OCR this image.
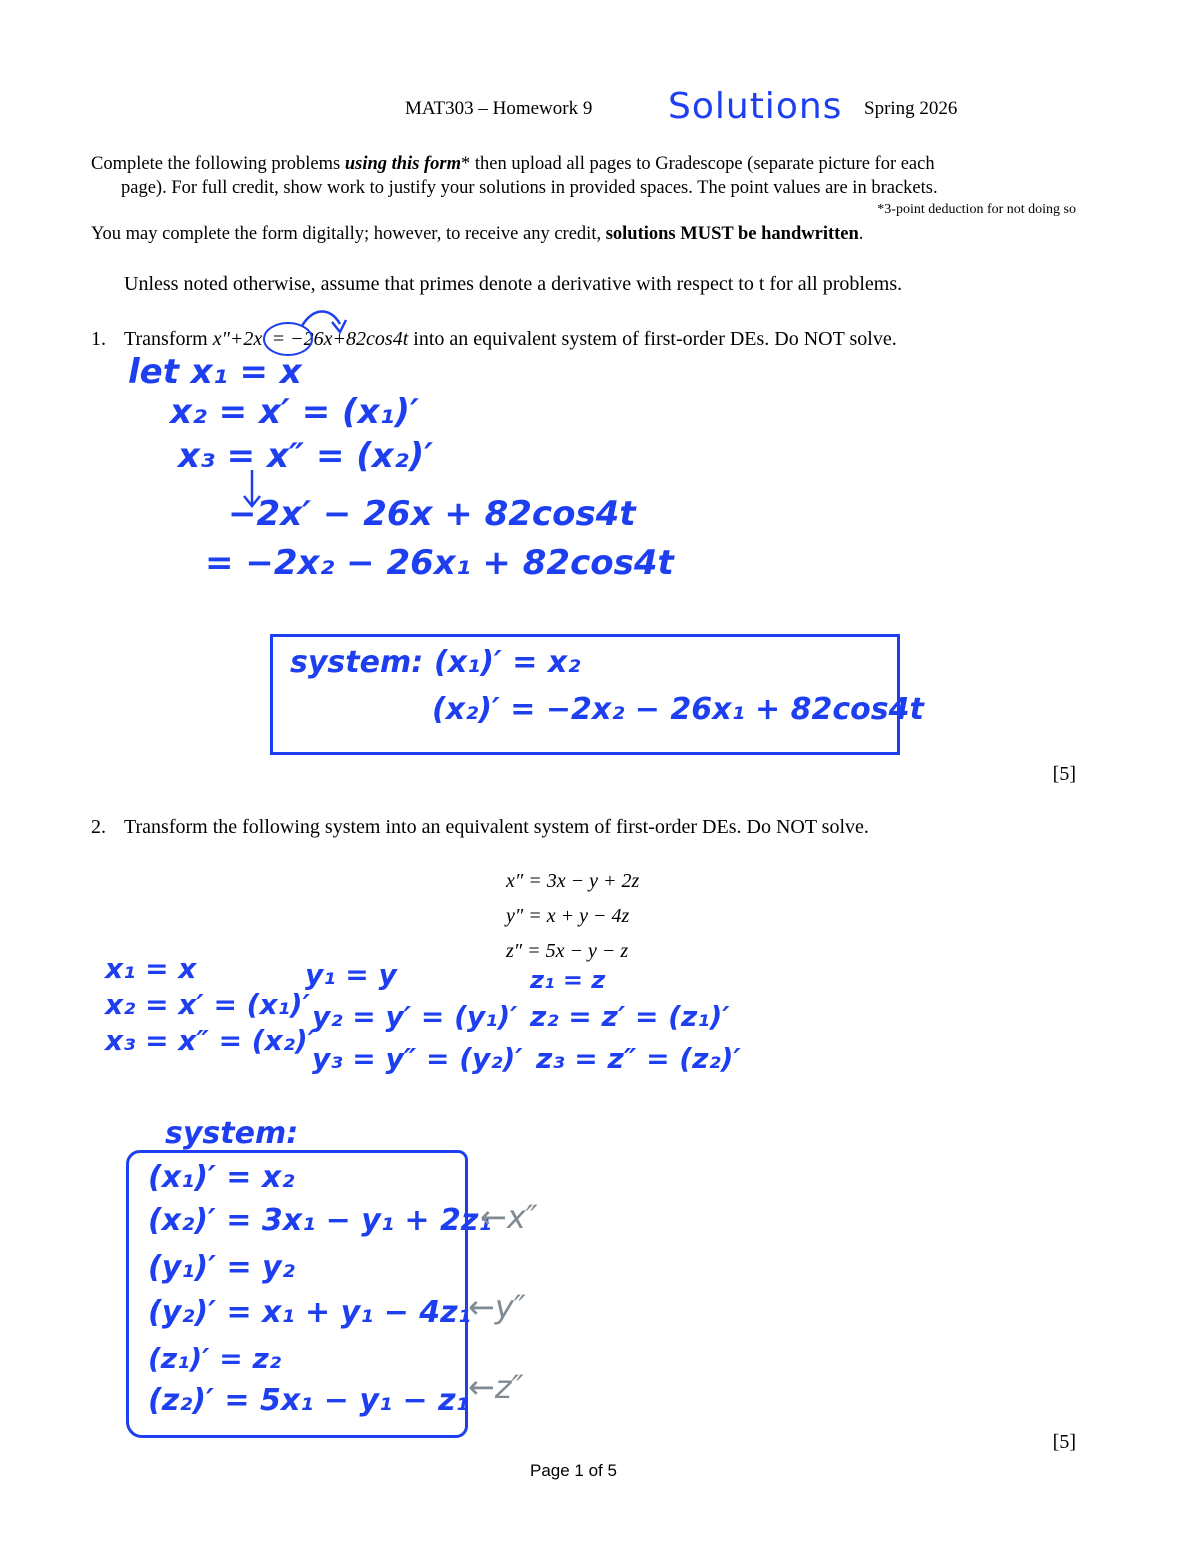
MAT303 – Homework 9 Solutions Spring 2026
Complete the following problems using this form* then upload all pages to Gradescope (separate picture for each
page). For full credit, show work to justify your solutions in provided spaces. The point values are in brackets.
*3-point deduction for not doing so
You may complete the form digitally; however, to receive any credit, solutions MUST be handwritten.
Unless noted otherwise, assume that primes denote a derivative with respect to t for all problems.
1. Transform x″+2x′ = −26x+82cos4t into an equivalent system of first-order DEs. Do NOT solve.
let x₁ = x
x₂ = x′ = (x₁)′
x₃ = x″ = (x₂)′
−2x′ − 26x + 82cos4t
= −2x₂ − 26x₁ + 82cos4t
system: (x₁)′ = x₂
(x₂)′ = −2x₂ − 26x₁ + 82cos4t
[5]
2. Transform the following system into an equivalent system of first-order DEs. Do NOT solve.
x″ = 3x − y + 2z
y″ = x + y − 4z
z″ = 5x − y − z
x₁ = x
x₂ = x′ = (x₁)′
x₃ = x″ = (x₂)′
y₁ = y
y₂ = y′ = (y₁)′
y₃ = y″ = (y₂)′
z₁ = z
z₂ = z′ = (z₁)′
z₃ = z″ = (z₂)′
system:
(x₁)′ = x₂
(x₂)′ = 3x₁ − y₁ + 2z₁
(y₁)′ = y₂
(y₂)′ = x₁ + y₁ − 4z₁
(z₁)′ = z₂
(z₂)′ = 5x₁ − y₁ − z₁
←x″
←y″
←z″
[5]
Page 1 of 5
